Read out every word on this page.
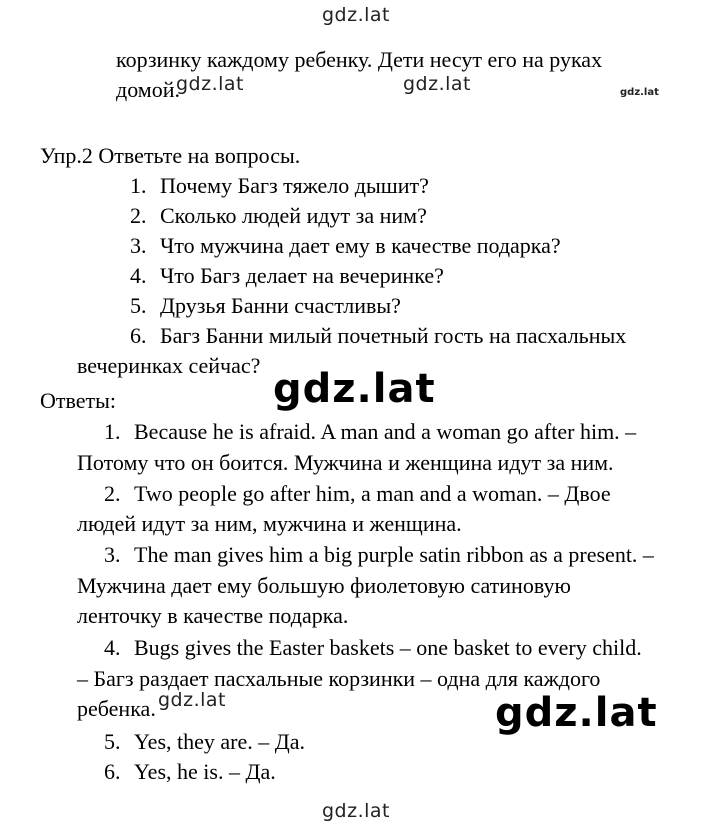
gdz.lat
gdz.lat	gdz.lat	gdz.lat
корзинку каждому ребенку. Дети несут его на руках
домой.
Упр.2 Ответьте на вопросы.
1. Почему Багз тяжело дышит?
2. Сколько людей идут за ним?
3. Что мужчина дает ему в качестве подарка?
4. Что Багз делает на вечеринке?
5. Друзья Банни счастливы?
6. Багз Банни милый почетный гость на пасхальных
вечеринках сейчас?
gdz.lat
Ответы:
1. Because he is afraid. A man and a woman go after him. –
Потому что он боится. Мужчина и женщина идут за ним.
2. Two people go after him, a man and a woman. – Двое
людей идут за ним, мужчина и женщина.
3. The man gives him a big purple satin ribbon as a present. –
Мужчина дает ему большую фиолетовую сатиновую
ленточку в качестве подарка.
4. Bugs gives the Easter baskets – one basket to every child.
– Багз раздает пасхальные корзинки – одна для каждого
ребенка. gdz.lat	gdz.lat
5. Yes, they are. – Да.
6. Yes, he is. – Да.
gdz.lat
